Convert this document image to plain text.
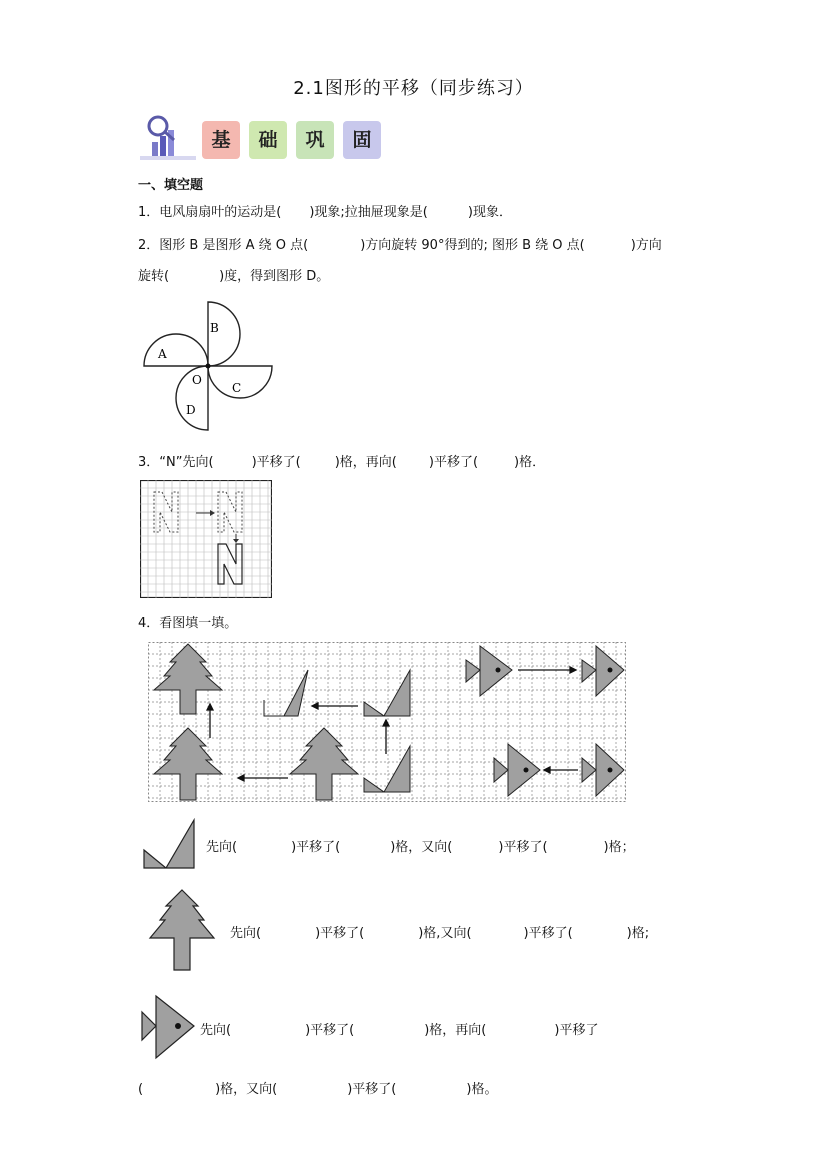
2.1图形的平移（同步练习）
基	础	巩	固
一、填空题
1．电风扇扇叶的运动是( )现象;拉抽屉现象是(	)现象．
2．图形 B 是图形 A 绕 O 点(	)方向旋转 90°得到的; 图形 B 绕 O 点(	)方向
旋转(	)度，得到图形 D。
A
B
C
D
O
3．“N”先向(	)平移了(	)格，再向( )平移了(	)格．
4．看图填一填。
先向(	)平移了(	)格，又向(	)平移了(	)格；
先向(	)平移了(	)格,又向(	)平移了(	)格;
先向(	)平移了(	)格，再向(	)平移了
(	)格，又向(	)平移了(	)格。
